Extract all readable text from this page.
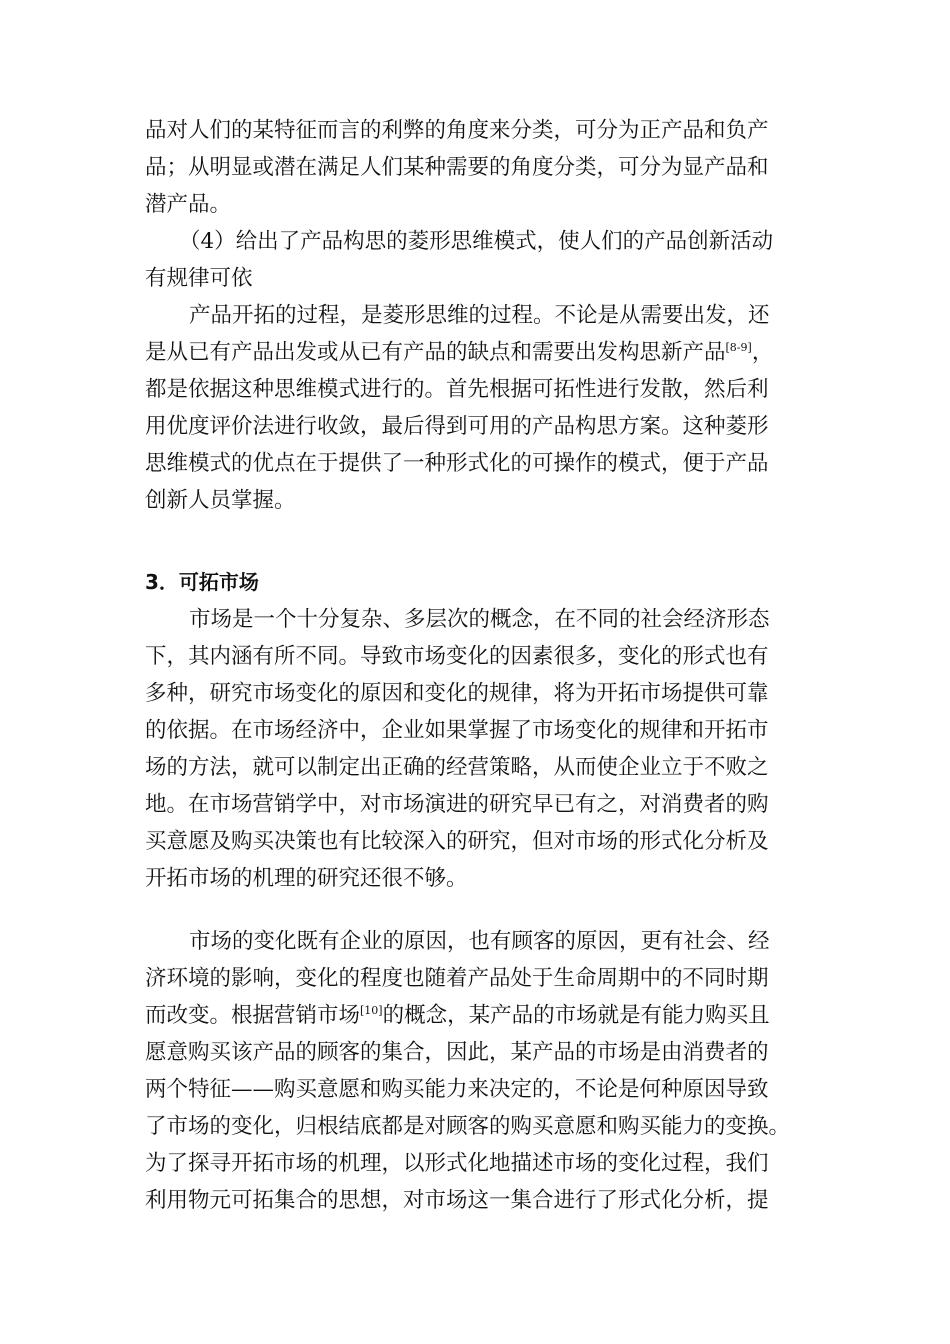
品对人们的某特征而言的利弊的角度来分类，可分为正产品和负产
品；从明显或潜在满足人们某种需要的角度分类，可分为显产品和
潜产品。
（4）给出了产品构思的菱形思维模式，使人们的产品创新活动
有规律可依
产品开拓的过程，是菱形思维的过程。不论是从需要出发，还
是从已有产品出发或从已有产品的缺点和需要出发构思新产品[8-9]，
都是依据这种思维模式进行的。首先根据可拓性进行发散，然后利
用优度评价法进行收敛，最后得到可用的产品构思方案。这种菱形
思维模式的优点在于提供了一种形式化的可操作的模式，便于产品
创新人员掌握。
3．可拓市场
市场是一个十分复杂、多层次的概念，在不同的社会经济形态
下，其内涵有所不同。导致市场变化的因素很多，变化的形式也有
多种，研究市场变化的原因和变化的规律，将为开拓市场提供可靠
的依据。在市场经济中，企业如果掌握了市场变化的规律和开拓市
场的方法，就可以制定出正确的经营策略，从而使企业立于不败之
地。在市场营销学中，对市场演进的研究早已有之，对消费者的购
买意愿及购买决策也有比较深入的研究，但对市场的形式化分析及
开拓市场的机理的研究还很不够。
市场的变化既有企业的原因，也有顾客的原因，更有社会、经
济环境的影响，变化的程度也随着产品处于生命周期中的不同时期
而改变。根据营销市场[10]的概念，某产品的市场就是有能力购买且
愿意购买该产品的顾客的集合，因此，某产品的市场是由消费者的
两个特征——购买意愿和购买能力来决定的，不论是何种原因导致
了市场的变化，归根结底都是对顾客的购买意愿和购买能力的变换。
为了探寻开拓市场的机理，以形式化地描述市场的变化过程，我们
利用物元可拓集合的思想，对市场这一集合进行了形式化分析，提
